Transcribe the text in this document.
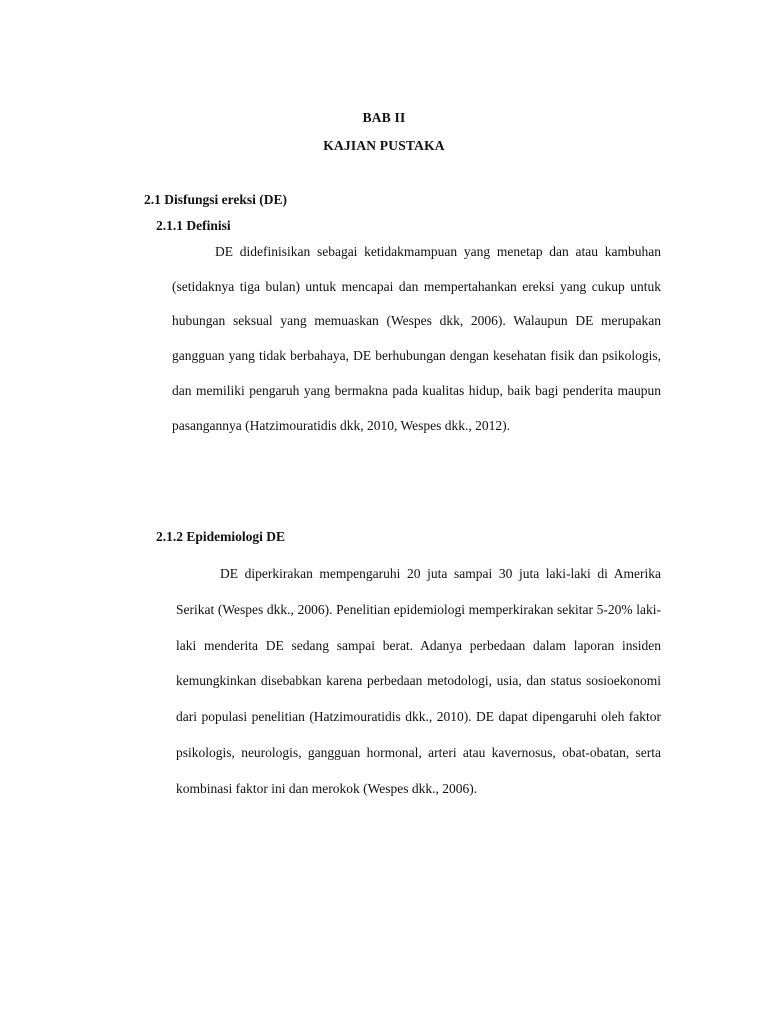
BAB II
KAJIAN PUSTAKA
2.1 Disfungsi ereksi (DE)
2.1.1 Definisi
DE didefinisikan sebagai ketidakmampuan yang menetap dan atau kambuhan (setidaknya tiga bulan) untuk mencapai dan mempertahankan ereksi yang cukup untuk hubungan seksual yang memuaskan (Wespes dkk, 2006). Walaupun DE merupakan gangguan yang tidak berbahaya, DE berhubungan dengan kesehatan fisik dan psikologis, dan memiliki pengaruh yang bermakna pada kualitas hidup, baik bagi penderita maupun pasangannya (Hatzimouratidis dkk, 2010, Wespes dkk., 2012).
2.1.2 Epidemiologi DE
DE diperkirakan mempengaruhi 20 juta sampai 30 juta laki-laki di Amerika Serikat (Wespes dkk., 2006). Penelitian epidemiologi memperkirakan sekitar 5-20% laki-laki menderita DE sedang sampai berat. Adanya perbedaan dalam laporan insiden kemungkinkan disebabkan karena perbedaan metodologi, usia, dan status sosioekonomi dari populasi penelitian (Hatzimouratidis dkk., 2010). DE dapat dipengaruhi oleh faktor psikologis, neurologis, gangguan hormonal, arteri atau kavernosus, obat-obatan, serta kombinasi faktor ini dan merokok (Wespes dkk., 2006).
